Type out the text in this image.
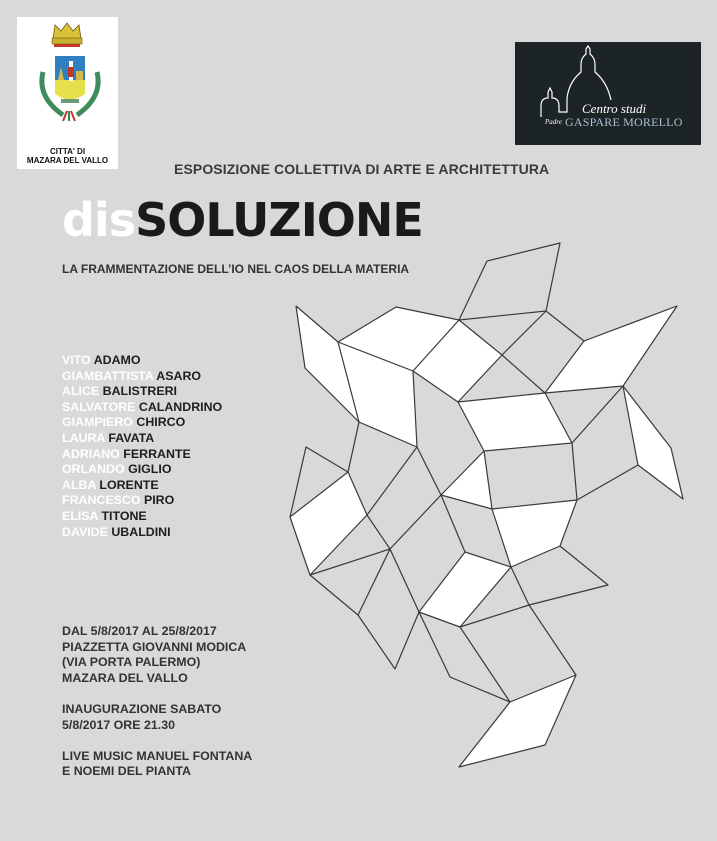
CITTA' DI
MAZARA DEL VALLO
Centro studi
Padre GASPARE MORELLO
ESPOSIZIONE COLLETTIVA DI ARTE E ARCHITETTURA
disSOLUZIONE
LA FRAMMENTAZIONE DELL’IO NEL CAOS DELLA MATERIA
VITO ADAMO
GIAMBATTISTA ASARO
ALICE BALISTRERI
SALVATORE CALANDRINO
GIAMPIERO CHIRCO
LAURA FAVATA
ADRIANO FERRANTE
ORLANDO GIGLIO
ALBA LORENTE
FRANCESCO PIRO
ELISA TITONE
DAVIDE UBALDINI
DAL 5/8/2017 AL 25/8/2017
PIAZZETTA GIOVANNI MODICA
(VIA PORTA PALERMO)
MAZARA DEL VALLO
INAUGURAZIONE SABATO
5/8/2017 ORE 21.30
LIVE MUSIC MANUEL FONTANA
E NOEMI DEL PIANTA
